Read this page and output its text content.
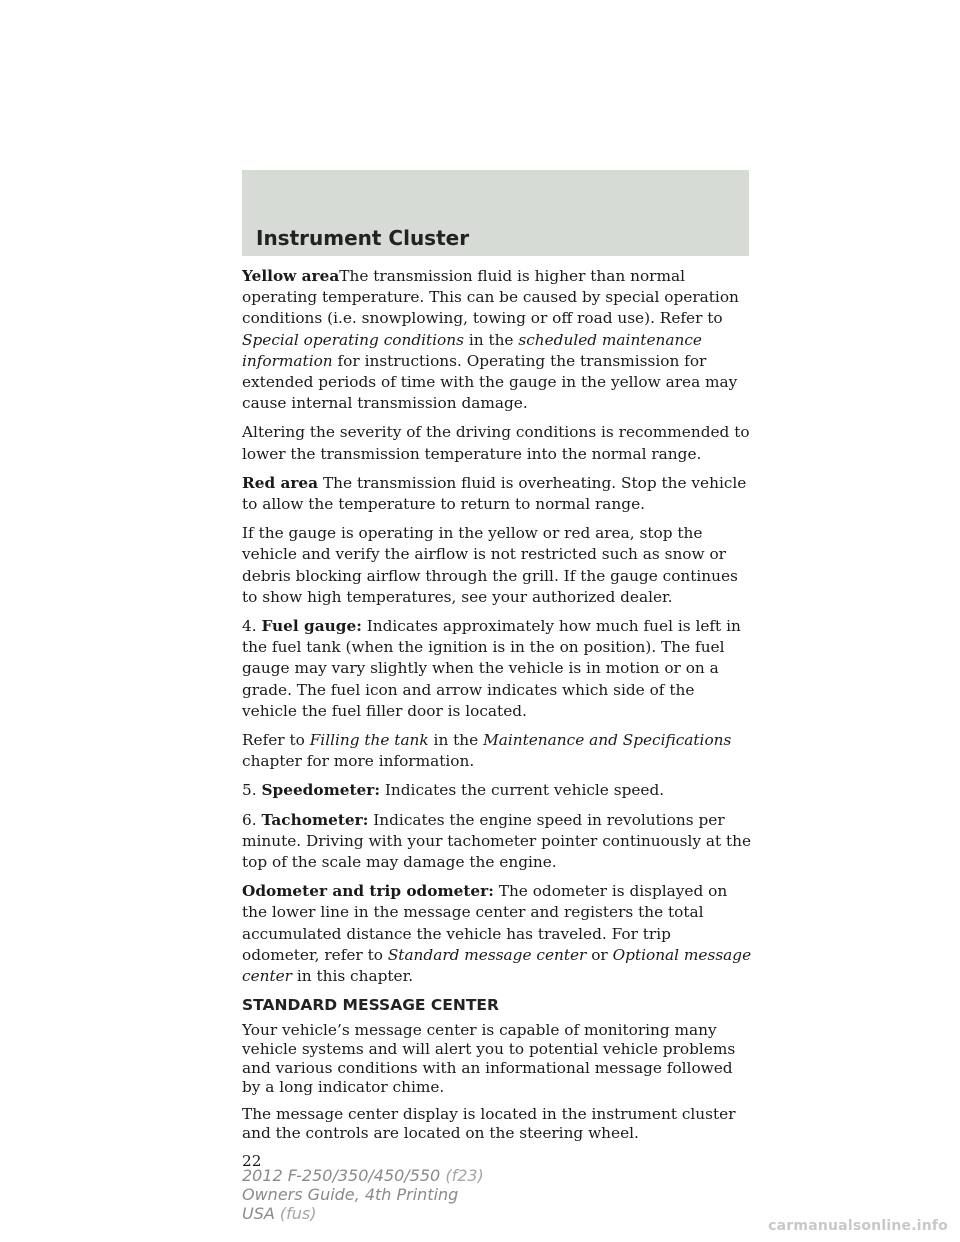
Instrument Cluster

Yellow areaThe transmission fluid is higher than normal operating temperature. This can be caused by special operation conditions (i.e. snowplowing, towing or off road use). Refer to Special operating conditions in the scheduled maintenance information for instructions. Operating the transmission for extended periods of time with the gauge in the yellow area may cause internal transmission damage.

Altering the severity of the driving conditions is recommended to lower the transmission temperature into the normal range.

Red area The transmission fluid is overheating. Stop the vehicle to allow the temperature to return to normal range.

If the gauge is operating in the yellow or red area, stop the vehicle and verify the airflow is not restricted such as snow or debris blocking airflow through the grill. If the gauge continues to show high temperatures, see your authorized dealer.

4. Fuel gauge: Indicates approximately how much fuel is left in the fuel tank (when the ignition is in the on position). The fuel gauge may vary slightly when the vehicle is in motion or on a grade. The fuel icon and arrow indicates which side of the vehicle the fuel filler door is located.

Refer to Filling the tank in the Maintenance and Specifications chapter for more information.

5. Speedometer: Indicates the current vehicle speed.

6. Tachometer: Indicates the engine speed in revolutions per minute. Driving with your tachometer pointer continuously at the top of the scale may damage the engine.

Odometer and trip odometer: The odometer is displayed on the lower line in the message center and registers the total accumulated distance the vehicle has traveled. For trip odometer, refer to Standard message center or Optional message center in this chapter.

STANDARD MESSAGE CENTER

Your vehicle’s message center is capable of monitoring many vehicle systems and will alert you to potential vehicle problems and various conditions with an informational message followed by a long indicator chime.

The message center display is located in the instrument cluster and the controls are located on the steering wheel.

22

2012 F-250/350/450/550 (f23)
Owners Guide, 4th Printing
USA (fus)
carmanualsonline.info
